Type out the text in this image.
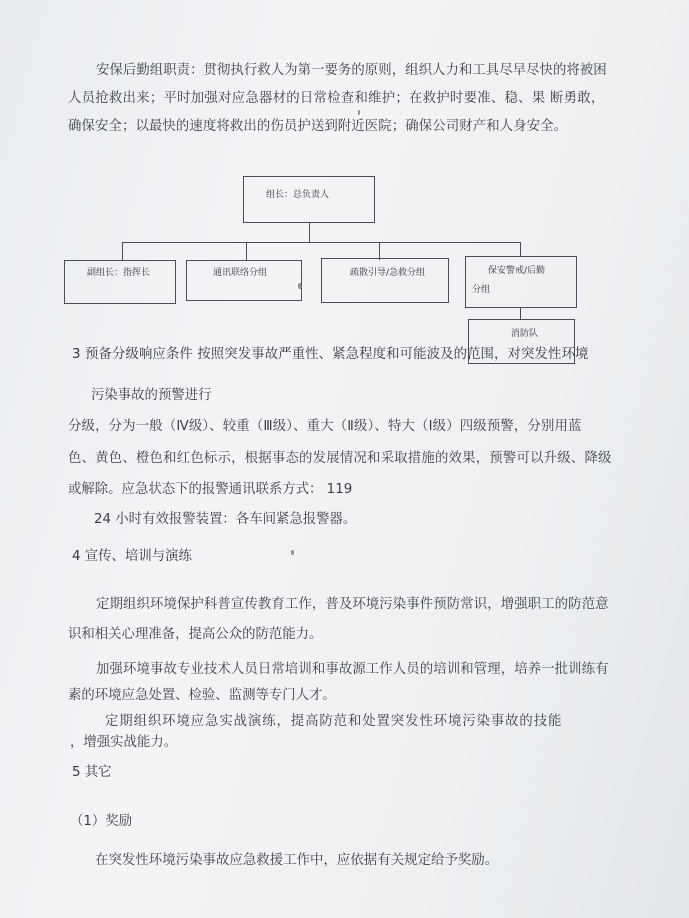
安保后勤组职责：贯彻执行救人为第一要务的原则，组织人力和工具尽早尽快的将被困
人员抢救出来；平时加强对应急器材的日常检查和维护；在救护时要准、稳、果 断勇敢，
确保安全；以最快的速度将救出的伤员护送到附近医院；确保公司财产和人身安全。
组长：总负责人
副组长：指挥长	通讯联络分组	疏散引导/急救分组	保安警戒/后勤
分组
消防队
3 预备分级响应条件 按照突发事故严重性、紧急程度和可能波及的范围，对突发性环境
污染事故的预警进行
分级，分为一般（Ⅳ级）、较重（Ⅲ级）、重大（Ⅱ级）、特大（Ⅰ级）四级预警，分别用蓝
色、黄色、橙色和红色标示，根据事态的发展情况和采取措施的效果，预警可以升级、降级
或解除。应急状态下的报警通讯联系方式： 119
24 小时有效报警装置：各车间紧急报警器。
4 宣传、培训与演练
定期组织环境保护科普宣传教育工作，普及环境污染事件预防常识，增强职工的防范意
识和相关心理准备，提高公众的防范能力。
加强环境事故专业技术人员日常培训和事故源工作人员的培训和管理，培养一批训练有
素的环境应急处置、检验、监测等专门人才。
定期组织环境应急实战演练，提高防范和处置突发性环境污染事故的技能
，增强实战能力。
5 其它
（1）奖励
在突发性环境污染事故应急救援工作中，应依据有关规定给予奖励。
